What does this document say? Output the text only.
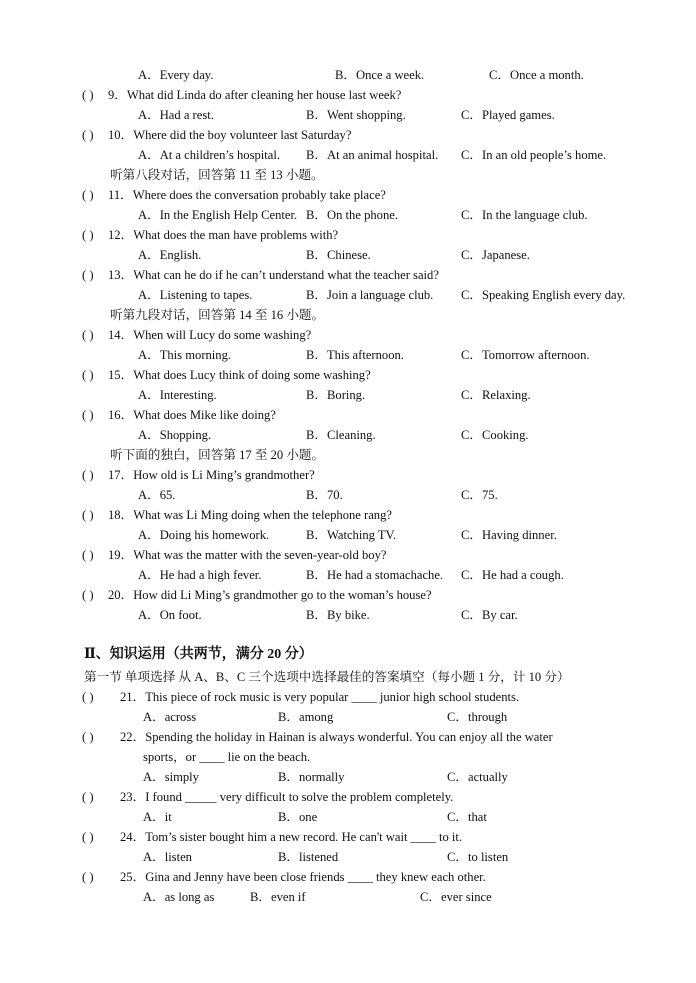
A．Every day.	B．Once a week.	C．Once a month.
( ) 9．What did Linda do after cleaning her house last week?
A．Had a rest.	B．Went shopping.	C．Played games.
( ) 10．Where did the boy volunteer last Saturday?
A．At a children’s hospital. B．At an animal hospital. C．In an old people’s home.
听第八段对话，回答第 11 至 13 小题。
( ) 11．Where does the conversation probably take place?
A．In the English Help Center. B．On the phone.	C．In the language club.
( ) 12．What does the man have problems with?
A．English.	B．Chinese.	C．Japanese.
( ) 13．What can he do if he can’t understand what the teacher said?
A．Listening to tapes.	B．Join a language club. C．Speaking English every day.
听第九段对话，回答第 14 至 16 小题。
( ) 14．When will Lucy do some washing?
A．This morning.	B．This afternoon.	C．Tomorrow afternoon.
( ) 15．What does Lucy think of doing some washing?
A．Interesting.	B．Boring.	C．Relaxing.
( ) 16．What does Mike like doing?
A．Shopping.	B．Cleaning.	C．Cooking.
听下面的独白，回答第 17 至 20 小题。
( ) 17．How old is Li Ming’s grandmother?
A．65.	B．70.	C．75.
( ) 18．What was Li Ming doing when the telephone rang?
A．Doing his homework.	B．Watching TV.	C．Having dinner.
( ) 19．What was the matter with the seven-year-old boy?
A．He had a high fever.	B．He had a stomachache. C．He had a cough.
( ) 20．How did Li Ming’s grandmother go to the woman’s house?
A．On foot.	B．By bike.	C．By car.
Ⅱ、知识运用（共两节，满分 20 分）
第一节 单项选择 从 A、B、C 三个选项中选择最佳的答案填空（每小题 1 分，计 10 分）
( ) 21．This piece of rock music is very popular ____ junior high school students.
A．across	B．among	C．through
( ) 22．Spending the holiday in Hainan is always wonderful. You can enjoy all the water
sports，or ____ lie on the beach.
A．simply	B．normally	C．actually
( ) 23．I found _____ very difficult to solve the problem completely.
A．it	B．one	C．that
( ) 24．Tom’s sister bought him a new record. He can't wait ____ to it.
A．listen	B．listened	C．to listen
( ) 25．Gina and Jenny have been close friends ____ they knew each other.
A．as long as	B．even if	C．ever since
